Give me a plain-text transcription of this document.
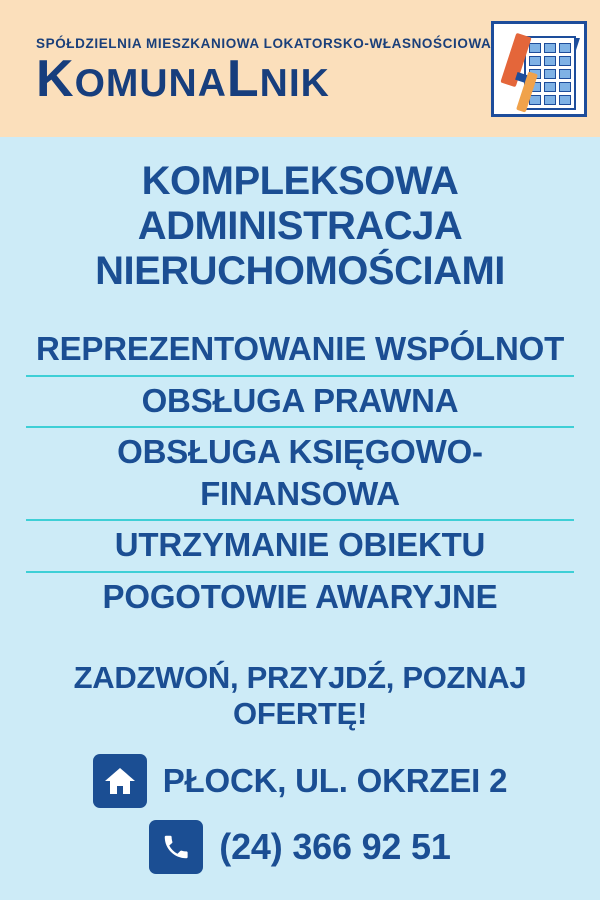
SPÓŁDZIELNIA MIESZKANIOWA LOKATORSKO-WŁASNOŚCIOWA
KOMUNALNIK
KOMPLEKSOWA ADMINISTRACJA
NIERUCHOMOŚCIAMI
REPREZENTOWANIE WSPÓLNOT
OBSŁUGA PRAWNA
OBSŁUGA KSIĘGOWO-FINANSOWA
UTRZYMANIE OBIEKTU
POGOTOWIE AWARYJNE
ZADZWOŃ, PRZYJDŹ, POZNAJ OFERTĘ!
PŁOCK, UL. OKRZEI 2
(24) 366 92 51
